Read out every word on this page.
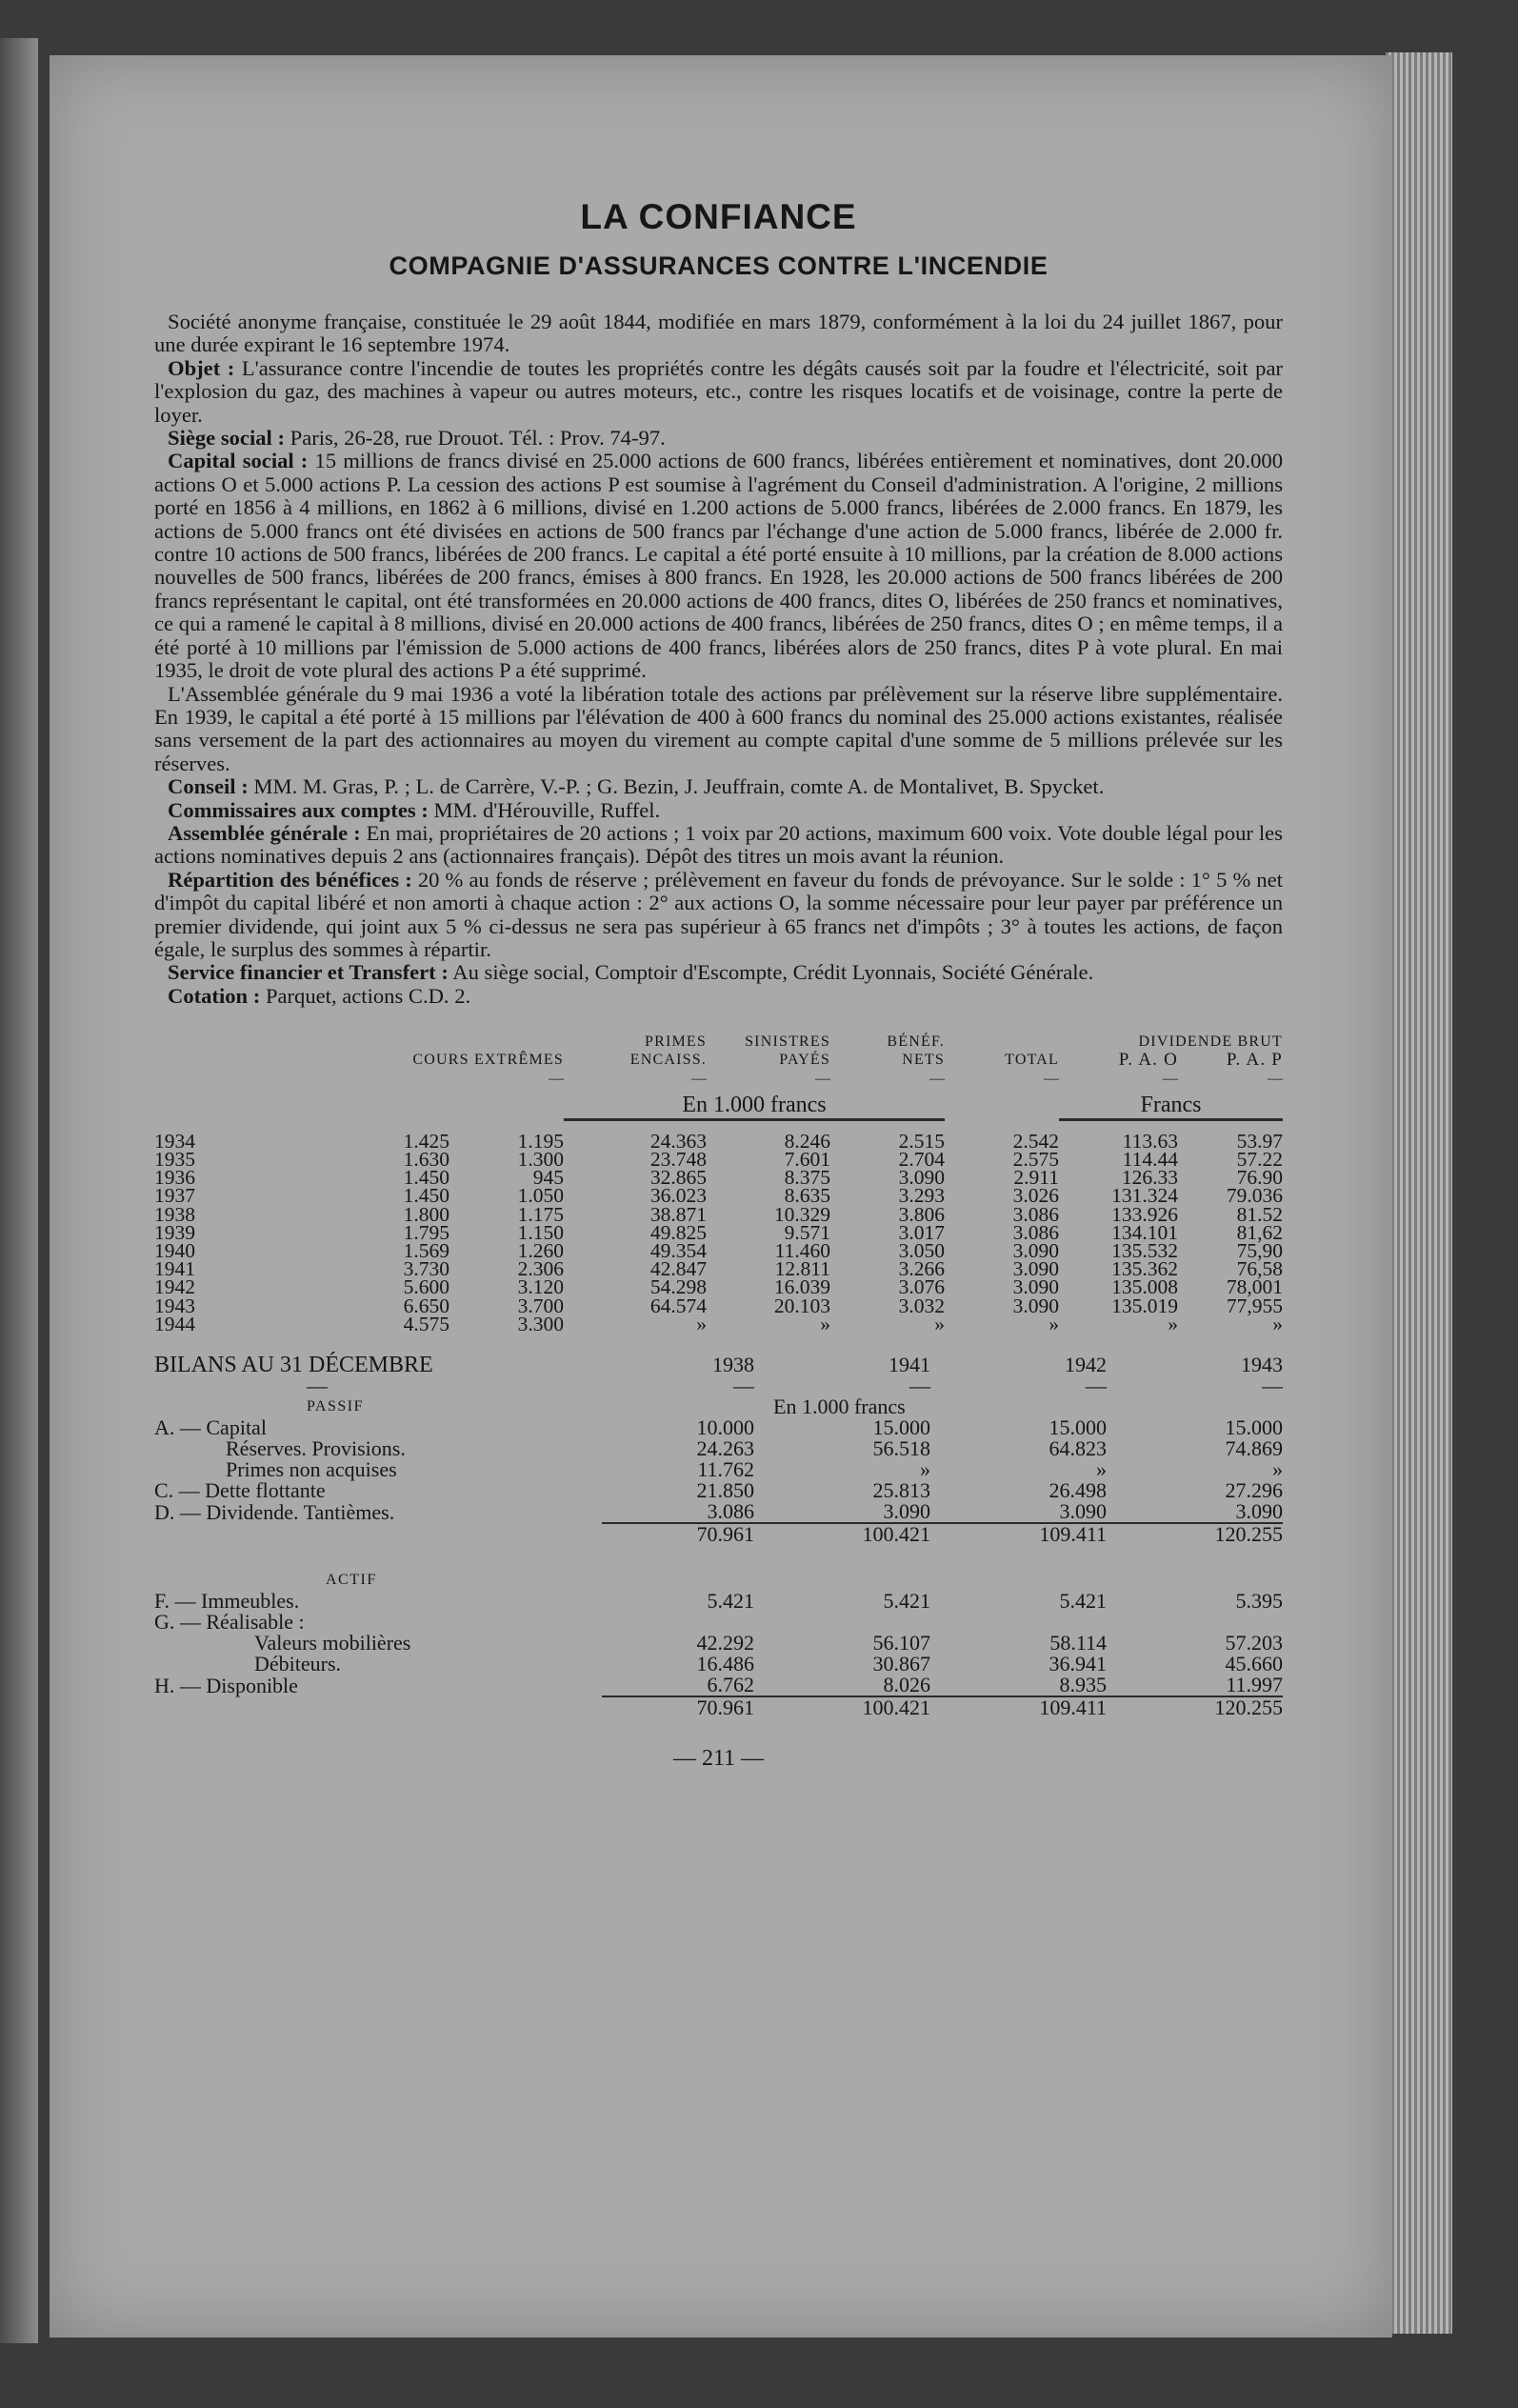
LA CONFIANCE
COMPAGNIE D'ASSURANCES CONTRE L'INCENDIE

Société anonyme française, constituée le 29 août 1844, modifiée en mars 1879, conformément à la loi du 24 juillet 1867, pour une durée expirant le 16 septembre 1974.

Objet : L'assurance contre l'incendie de toutes les propriétés contre les dégâts causés soit par la foudre et l'électricité, soit par l'explosion du gaz, des machines à vapeur ou autres moteurs, etc., contre les risques locatifs et de voisinage, contre la perte de loyer.

Siège social : Paris, 26-28, rue Drouot. Tél. : Prov. 74-97.

Capital social : 15 millions de francs divisé en 25.000 actions de 600 francs, libérées entièrement et nominatives, dont 20.000 actions O et 5.000 actions P. La cession des actions P est soumise à l'agrément du Conseil d'administration. A l'origine, 2 millions porté en 1856 à 4 millions, en 1862 à 6 millions, divisé en 1.200 actions de 5.000 francs, libérées de 2.000 francs. En 1879, les actions de 5.000 francs ont été divisées en actions de 500 francs par l'échange d'une action de 5.000 francs, libérée de 2.000 fr. contre 10 actions de 500 francs, libérées de 200 francs. Le capital a été porté ensuite à 10 millions, par la création de 8.000 actions nouvelles de 500 francs, libérées de 200 francs, émises à 800 francs. En 1928, les 20.000 actions de 500 francs libérées de 200 francs représentant le capital, ont été transformées en 20.000 actions de 400 francs, dites O, libérées de 250 francs et nominatives, ce qui a ramené le capital à 8 millions, divisé en 20.000 actions de 400 francs, libérées de 250 francs, dites O ; en même temps, il a été porté à 10 millions par l'émission de 5.000 actions de 400 francs, libérées alors de 250 francs, dites P à vote plural. En mai 1935, le droit de vote plural des actions P a été supprimé.

L'Assemblée générale du 9 mai 1936 a voté la libération totale des actions par prélèvement sur la réserve libre supplémentaire. En 1939, le capital a été porté à 15 millions par l'élévation de 400 à 600 francs du nominal des 25.000 actions existantes, réalisée sans versement de la part des actionnaires au moyen du virement au compte capital d'une somme de 5 millions prélevée sur les réserves.

Conseil : MM. M. Gras, P. ; L. de Carrère, V.-P. ; G. Bezin, J. Jeuffrain, comte A. de Montalivet, B. Spycket.

Commissaires aux comptes : MM. d'Hérouville, Ruffel.

Assemblée générale : En mai, propriétaires de 20 actions ; 1 voix par 20 actions, maximum 600 voix. Vote double légal pour les actions nominatives depuis 2 ans (actionnaires français). Dépôt des titres un mois avant la réunion.

Répartition des bénéfices : 20 % au fonds de réserve ; prélèvement en faveur du fonds de prévoyance. Sur le solde : 1° 5 % net d'impôt du capital libéré et non amorti à chaque action : 2° aux actions O, la somme nécessaire pour leur payer par préférence un premier dividende, qui joint aux 5 % ci-dessus ne sera pas supérieur à 65 francs net d'impôts ; 3° à toutes les actions, de façon égale, le surplus des sommes à répartir.

Service financier et Transfert : Au siège social, Comptoir d'Escompte, Crédit Lyonnais, Société Générale.

Cotation : Parquet, actions C.D. 2.

			PRIMES	SINISTRES	BÉNÉF.	DIVIDENDE BRUT		
	COURS EXTRÊMES		ENCAISS.	PAYÉS	NETS	TOTAL	P. A. O	P. A. P
	—		—	—	—	—	—	—

			En 1.000 francs				Francs	

1934	1.425	1.195	24.363	8.246	2.515	2.542	113.63	53.97
1935	1.630	1.300	23.748	7.601	2.704	2.575	114.44	57.22
1936	1.450	945	32.865	8.375	3.090	2.911	126.33	76.90
1937	1.450	1.050	36.023	8.635	3.293	3.026	131.324	79.036
1938	1.800	1.175	38.871	10.329	3.806	3.086	133.926	81.52
1939	1.795	1.150	49.825	9.571	3.017	3.086	134.101	81,62
1940	1.569	1.260	49.354	11.460	3.050	3.090	135.532	75,90
1941	3.730	2.306	42.847	12.811	3.266	3.090	135.362	76,58
1942	5.600	3.120	54.298	16.039	3.076	3.090	135.008	78,001
1943	6.650	3.700	64.574	20.103	3.032	3.090	135.019	77,955
1944	4.575	3.300	»	»	»	»	»	»
BILANS AU 31 DÉCEMBRE	1938	1941	1942	1943
—	—	—	—	—
PASSIF		En 1.000 francs		
A. — Capital	10.000	15.000	15.000	15.000
Réserves. Provisions.	24.263	56.518	64.823	74.869
Primes non acquises	11.762	»	»	»
C. — Dette flottante	21.850	25.813	26.498	27.296
D. — Dividende. Tantièmes.	3.086	3.090	3.090	3.090
	70.961	100.421	109.411	120.255

ACTIF				
F. — Immeubles.	5.421	5.421	5.421	5.395
G. — Réalisable :				
Valeurs mobilières	42.292	56.107	58.114	57.203
Débiteurs.	16.486	30.867	36.941	45.660
H. — Disponible	6.762	8.026	8.935	11.997
	70.961	100.421	109.411	120.255
— 211 —
